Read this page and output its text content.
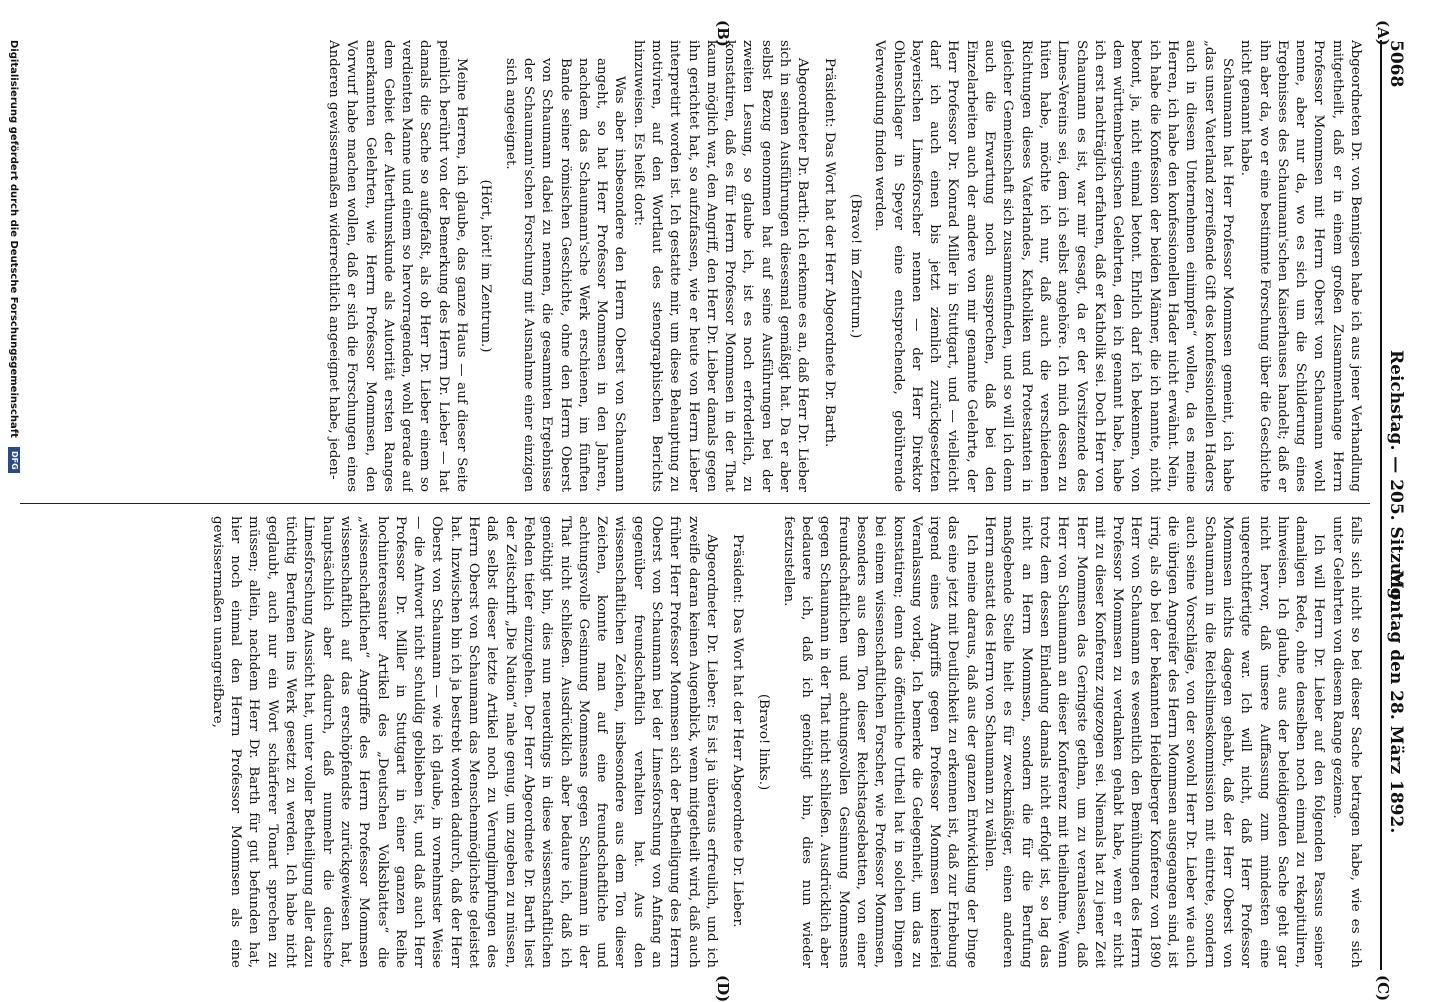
5068
Reichstag. — 205. Sitzung.
Montag den 28. März 1892.
(A)
(B)
(C)
(D)

Abgeordneten Dr. von Bennigsen habe ich aus jener Verhandlung mitgetheilt, daß er in einem großen Zusammenhange Herrn Professor Mommsen mit Herrn Oberst von Schaumann wohl nenne, aber nur da, wo es sich um die Schilderung eines Ergebnisses des Schaumann'schen Kaiserhauses handelt; daß er ihn aber da, wo er eine bestimmte Forschung über die Geschichte nicht genannt habe.

Schaumann hat Herr Professor Mommsen gemeint, ich habe „das unser Vaterland zerreißende Gift des konfessionellen Haders auch in diesem Unternehmen einimpfen“ wollen, da es meine Herren, ich habe den konfessionellen Hader nicht erwähnt. Nein, ich habe die Konfession der beiden Männer, die ich nannte, nicht betont, ja, nicht einmal betont. Ehrlich darf ich bekennen, von dem württembergischen Gelehrten, den ich genannt habe, habe ich erst nachträglich erfahren, daß er Katholik sei. Doch Herr von Schaumann es ist, war mir gesagt, da er der Vorsitzende des Limes-Vereins sei, dem ich selbst angehöre. Ich mich dessen zu hüten habe, möchte ich nur, daß auch die verschiedenen Richtungen dieses Vaterlandes, Katholiken und Protestanten in gleicher Gemeinschaft sich zusammenfinden, und so will ich denn auch die Erwartung noch aussprechen, daß bei den Einzelarbeiten auch der andere von mir genannte Gelehrte, der Herr Professor Dr. Konrad Miller in Stuttgart, und — vielleicht darf ich auch einen bis jetzt ziemlich zurückgesetzten bayerischen Limesforscher nennen — der Herr Direktor Ohlenschlager in Speyer eine entsprechende, gebührende Verwendung finden werden.

(Bravo! im Zentrum.)

Präsident: Das Wort hat der Herr Abgeordnete Dr. Barth.

Abgeordneter Dr. Barth: Ich erkenne es an, daß Herr Dr. Lieber sich in seinen Ausführungen diesesmal gemäßigt hat. Da er aber selbst Bezug genommen hat auf seine Ausführungen bei der zweiten Lesung, so glaube ich, ist es noch erforderlich, zu konstatiren, daß es für Herrn Professor Mommsen in der That kaum möglich war, den Angriff, den Herr Dr. Lieber damals gegen ihn gerichtet hat, so aufzufassen, wie er heute von Herrn Lieber interpretirt worden ist. Ich gestatte mir, um diese Behauptung zu motiviren, auf den Wortlaut des stenographischen Berichts hinzuweisen. Es heißt dort:

Was aber insbesondere den Herrn Oberst von Schaumann angeht, so hat Herr Professor Mommsen in den Jahren, nachdem das Schaumann'sche Werk erschienen, im fünften Bande seiner römischen Geschichte, ohne den Herrn Oberst von Schaumann dabei zu nennen, die gesammten Ergebnisse der Schaumann'schen Forschung mit Ausnahme einer einzigen sich angeeignet.

(Hört, hört! im Zentrum.)

Meine Herren, ich glaube, das ganze Haus — auf dieser Seite peinlich berührt von der Bemerkung des Herrn Dr. Lieber — hat damals die Sache so aufgefaßt, als ob Herr Dr. Lieber einem so verdienten Manne und einem so hervorragenden, wohl gerade auf dem Gebiet der Alterthumskunde als Autorität ersten Ranges anerkannten Gelehrten, wie Herrn Professor Mommsen, den Vorwurf habe machen wollen, daß er sich die Forschungen eines Anderen gewissermaßen widerrechtlich angeeignet habe, jeden-

falls sich nicht so bei dieser Sache betragen habe, wie es sich unter Gelehrten von diesem Range gezieme.

Ich will Herrn Dr. Lieber auf den folgenden Passus seiner damaligen Rede, ohne denselben noch einmal zu rekapituliren, hinweisen. Ich glaube, aus der beleidigenden Sache geht gar nicht hervor, daß unsere Auffassung zum mindesten eine ungerechtfertigte war. Ich will nicht, daß Herr Professor Mommsen nichts dagegen gehabt, daß der Herr Oberst von Schaumann in die Reichslimeskommission mit eintrete, sondern auch seine Vorschläge, von der sowohl Herr Dr. Lieber wie auch die übrigen Angreifer des Herrn Mommsen ausgegangen sind, ist irrig, als ob bei der bekannten Heidelberger Konferenz von 1890 Herr von Schaumann es wesentlich den Bemühungen des Herrn Professor Mommsen zu verdanken gehabt habe, wenn er nicht mit zu dieser Konferenz zugezogen sei. Niemals hat zu jener Zeit Herr Mommsen das Geringste gethan, um zu veranlassen, daß Herr von Schaumann an dieser Konferenz mit theilnehme. Wenn trotz dem dessen Einladung damals nicht erfolgt ist, so lag das nicht an Herrn Mommsen, sondern die für die Berufung maßgebende Stelle hielt es für zweckmäßiger, einen anderen Herrn anstatt des Herrn von Schaumann zu wählen.

Ich meine daraus, daß aus der ganzen Entwicklung der Dinge das eine jetzt mit Deutlichkeit zu erkennen ist, daß zur Erhebung irgend eines Angriffs gegen Professor Mommsen keinerlei Veranlassung vorlag. Ich bemerke die Gelegenheit, um das zu konstatiren; denn das öffentliche Urtheil hat in solchen Dingen bei einem wissenschaftlichen Forscher, wie Professor Mommsen, besonders aus dem Ton dieser Reichstagsdebatten, von einer freundschaftlichen und achtungsvollen Gesinnung Mommsens gegen Schaumann in der That nicht schließen. Ausdrücklich aber bedauere ich, daß ich genöthigt bin, dies nun wieder festzustellen.

(Bravo! links.)

Präsident: Das Wort hat der Herr Abgeordnete Dr. Lieber.

Abgeordneter Dr. Lieber: Es ist ja überaus erfreulich, und ich zweifle daran keinen Augenblick, wenn mitgetheilt wird, daß auch früher Herr Professor Mommsen sich der Betheiligung des Herrn Oberst von Schaumann bei der Limesforschung von Anfang an gegenüber freundschaftlich verhalten hat. Aus den wissenschaftlichen Zeichen, insbesondere aus dem Ton dieser Zeichen, konnte man auf eine freundschaftliche und achtungsvolle Gesinnung Mommsens gegen Schaumann in der That nicht schließen. Ausdrücklich aber bedaure ich, daß ich genöthigt bin, dies nun neuerdings in diese wissenschaftlichen Fehden tiefer einzugehen. Der Herr Abgeordnete Dr. Barth liest der Zeitschrift „Die Nation“ nahe genug, um zugeben zu müssen, daß selbst dieser letzte Artikel noch zu Verunglimpfungen des Herrn Oberst von Schaumann das Menschenmöglichste geleistet hat. Inzwischen bin ich ja bestrebt worden dadurch, daß der Herr Oberst von Schaumann — wie ich glaube, in vornehmster Weise — die Antwort nicht schuldig geblieben ist, und daß auch Herr Professor Dr. Miller in Stuttgart in einer ganzen Reihe hochinteressanter Artikel des „Deutschen Volksblattes“ die „wissenschaftlichen“ Angriffe des Herrn Professor Mommsen wissenschaftlich auf das erschöpfendste zurückgewiesen hat, hauptsächlich aber dadurch, daß nunmehr die deutsche Limesforschung Aussicht hat, unter voller Betheiligung aller dazu tüchtig Berufenen ins Werk gesetzt zu werden. Ich habe nicht geglaubt, auch nur ein Wort schärferer Tonart sprechen zu müssen; allein, nachdem Herr Dr. Barth für gut befunden hat, hier noch einmal den Herrn Professor Mommsen als eine gewissermaßen unangreifbare,

Digitalisierung gefördert durch die Deutsche Forschungsgemeinschaft DFG
